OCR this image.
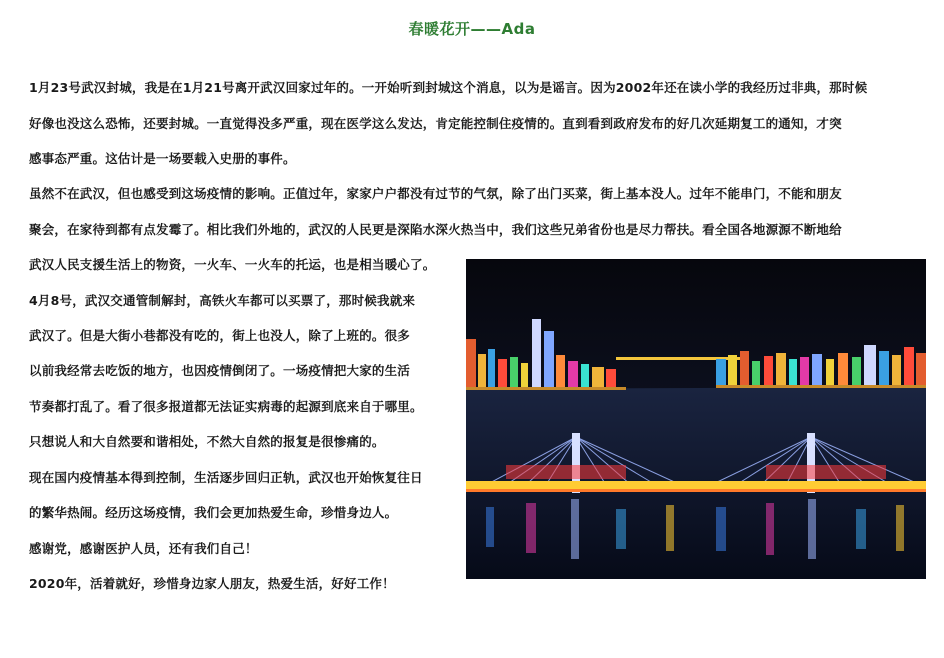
春暖花开——Ada
1月23号武汉封城，我是在1月21号离开武汉回家过年的。一开始听到封城这个消息，以为是谣言。因为2002年还在读小学的我经历过非典，那时候
好像也没这么恐怖，还要封城。一直觉得没多严重，现在医学这么发达，肯定能控制住疫情的。直到看到政府发布的好几次延期复工的通知，才突
感事态严重。这估计是一场要载入史册的事件。
虽然不在武汉，但也感受到这场疫情的影响。正值过年，家家户户都没有过节的气氛，除了出门买菜，街上基本没人。过年不能串门，不能和朋友
聚会，在家待到都有点发霉了。相比我们外地的，武汉的人民更是深陷水深火热当中，我们这些兄弟省份也是尽力帮扶。看全国各地源源不断地给
武汉人民支援生活上的物资，一火车、一火车的托运，也是相当暖心了。
4月8号，武汉交通管制解封，高铁火车都可以买票了，那时候我就来
武汉了。但是大街小巷都没有吃的，街上也没人，除了上班的。很多
以前我经常去吃饭的地方，也因疫情倒闭了。一场疫情把大家的生活
节奏都打乱了。看了很多报道都无法证实病毒的起源到底来自于哪里。
只想说人和大自然要和谐相处，不然大自然的报复是很惨痛的。
现在国内疫情基本得到控制，生活逐步回归正轨，武汉也开始恢复往日
的繁华热闹。经历这场疫情，我们会更加热爱生命，珍惜身边人。
感谢党，感谢医护人员，还有我们自己！
2020年，活着就好，珍惜身边家人朋友，热爱生活，好好工作！
